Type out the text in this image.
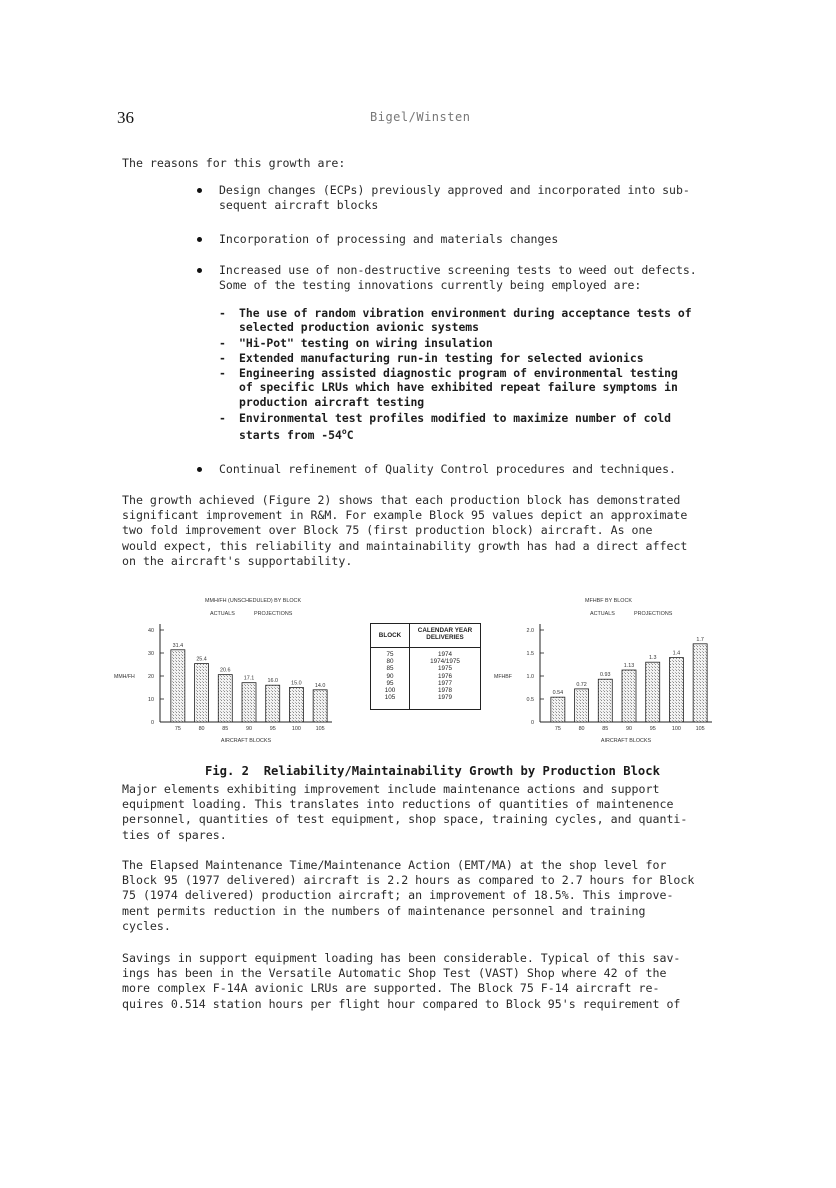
36	Bigel/Winsten
The reasons for this growth are:
Design changes (ECPs) previously approved and incorporated into sub-
sequent aircraft blocks
Incorporation of processing and materials changes
Increased use of non-destructive screening tests to weed out defects.
Some of the testing innovations currently being employed are:
- The use of random vibration environment during acceptance tests of
selected production avionic systems
- "Hi-Pot" testing on wiring insulation
- Extended manufacturing run-in testing for selected avionics
- Engineering assisted diagnostic program of environmental testing
of specific LRUs which have exhibited repeat failure symptoms in
production aircraft testing
- Environmental test profiles modified to maximize number of cold
starts from -54$^o$C
Continual refinement of Quality Control procedures and techniques.
The growth achieved (Figure 2) shows that each production block has demonstrated
significant improvement in R&M. For example Block 95 values depict an approximate
two fold improvement over Block 75 (first production block) aircraft. As one
would expect, this reliability and maintainability growth has had a direct affect
on the aircraft's supportability.
MMH/FH (UNSCHEDULED) BY BLOCK
ACTUALS	PROJECTIONS
MMH/FH
0
10
20
30
40
31.4
75
25.4
80
20.6
85
17.1
90
16.0
95
15.0
100
14.0
105
AIRCRAFT BLOCKS
MFHBF BY BLOCK
ACTUALS	PROJECTIONS
MFHBF
0
0.5
1.0
1.5
2.0
0.54
75
0.72
80
0.93
85
1.13
90
1.3
95
1.4
100
1.7
105
AIRCRAFT BLOCKS
BLOCK
CALENDAR YEAR
DELIVERIES
75	1974
80	1974/1975
85	1975
90	1976
95	1977
100	1978
105	1979
Fig. 2  Reliability/Maintainability Growth by Production Block
Major elements exhibiting improvement include maintenance actions and support
equipment loading. This translates into reductions of quantities of maintenence
personnel, quantities of test equipment, shop space, training cycles, and quanti-
ties of spares.
The Elapsed Maintenance Time/Maintenance Action (EMT/MA) at the shop level for
Block 95 (1977 delivered) aircraft is 2.2 hours as compared to 2.7 hours for Block
75 (1974 delivered) production aircraft; an improvement of 18.5%. This improve-
ment permits reduction in the numbers of maintenance personnel and training
cycles.
Savings in support equipment loading has been considerable. Typical of this sav-
ings has been in the Versatile Automatic Shop Test (VAST) Shop where 42 of the
more complex F-14A avionic LRUs are supported. The Block 75 F-14 aircraft re-
quires 0.514 station hours per flight hour compared to Block 95's requirement of
